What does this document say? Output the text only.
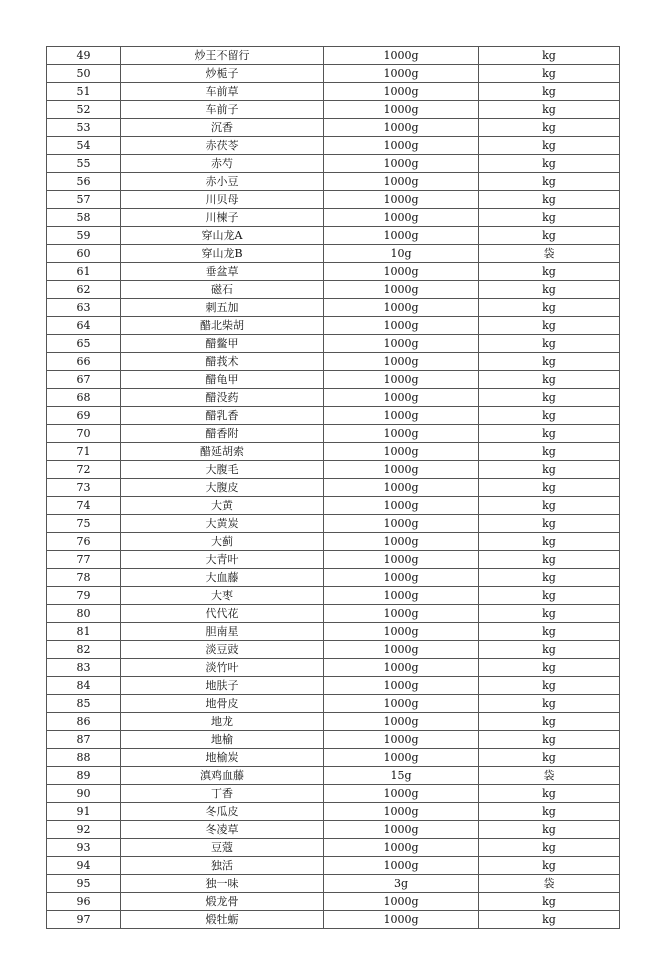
49	炒王不留行	1000g	kg
50	炒栀子	1000g	kg
51	车前草	1000g	kg
52	车前子	1000g	kg
53	沉香	1000g	kg
54	赤茯苓	1000g	kg
55	赤芍	1000g	kg
56	赤小豆	1000g	kg
57	川贝母	1000g	kg
58	川楝子	1000g	kg
59	穿山龙A	1000g	kg
60	穿山龙B	10g	袋
61	垂盆草	1000g	kg
62	磁石	1000g	kg
63	刺五加	1000g	kg
64	醋北柴胡	1000g	kg
65	醋鳖甲	1000g	kg
66	醋莪术	1000g	kg
67	醋龟甲	1000g	kg
68	醋没药	1000g	kg
69	醋乳香	1000g	kg
70	醋香附	1000g	kg
71	醋延胡索	1000g	kg
72	大腹毛	1000g	kg
73	大腹皮	1000g	kg
74	大黄	1000g	kg
75	大黄炭	1000g	kg
76	大蓟	1000g	kg
77	大青叶	1000g	kg
78	大血藤	1000g	kg
79	大枣	1000g	kg
80	代代花	1000g	kg
81	胆南星	1000g	kg
82	淡豆豉	1000g	kg
83	淡竹叶	1000g	kg
84	地肤子	1000g	kg
85	地骨皮	1000g	kg
86	地龙	1000g	kg
87	地榆	1000g	kg
88	地榆炭	1000g	kg
89	滇鸡血藤	15g	袋
90	丁香	1000g	kg
91	冬瓜皮	1000g	kg
92	冬凌草	1000g	kg
93	豆蔻	1000g	kg
94	独活	1000g	kg
95	独一味	3g	袋
96	煅龙骨	1000g	kg
97	煅牡蛎	1000g	kg
